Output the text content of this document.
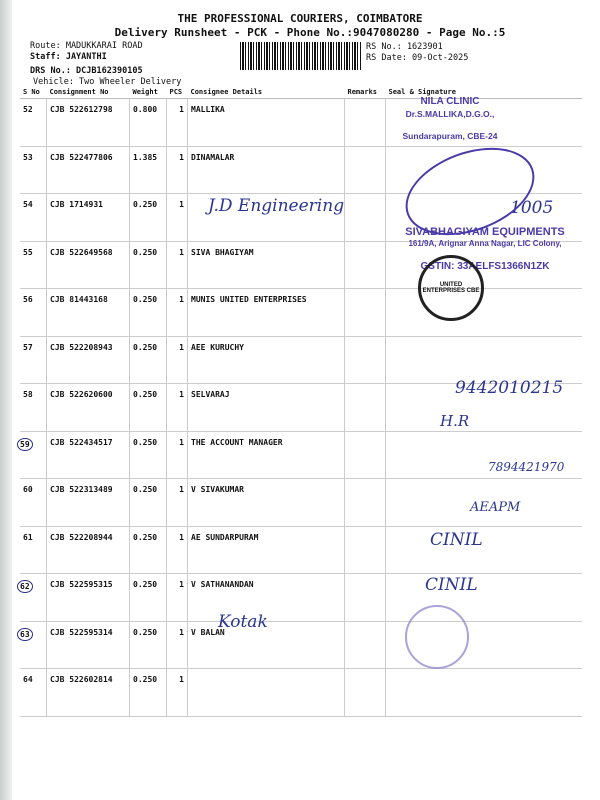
THE PROFESSIONAL COURIERS, COIMBATORE
Delivery Runsheet - PCK - Phone No.:9047080280 - Page No.:5
Route: MADUKKARAI ROAD
Staff: JAYANTHI
DRS No.: DCJB162390105
Vehicle: Two Wheeler Delivery
RS No.: 1623901
RS Date: 09-Oct-2025
S No	Consignment No	Weight	PCS	Consignee Details	Remarks	Seal & Signature
52	CJB 522612798	0.800	1	MALLIKA		
53	CJB 522477806	1.385	1	DINAMALAR		
54	CJB 1714931	0.250	1			
55	CJB 522649568	0.250	1	SIVA BHAGIYAM		
56	CJB 81443168	0.250	1	MUNIS UNITED ENTERPRISES		
57	CJB 522208943	0.250	1	AEE KURUCHY		
58	CJB 522620600	0.250	1	SELVARAJ		
59	CJB 522434517	0.250	1	THE ACCOUNT MANAGER		
60	CJB 522313489	0.250	1	V SIVAKUMAR		
61	CJB 522208944	0.250	1	AE SUNDARPURAM		
62	CJB 522595315	0.250	1	V SATHANANDAN		
63	CJB 522595314	0.250	1	V BALAN		
64	CJB 522602814	0.250	1			
J.D Engineering
Kotak
9442010215
H.R
7894421970
AEAPM
CINIL
CINIL
1005
NILA CLINIC
Dr.S.MALLIKA,D.G.O.,
Sundarapuram, CBE-24
SIVABHAGIYAM EQUIPMENTS
161/9A, Arignar Anna Nagar, LIC Colony,
GSTIN: 33AELFS1366N1ZK
UNITED ENTERPRISES CBE
